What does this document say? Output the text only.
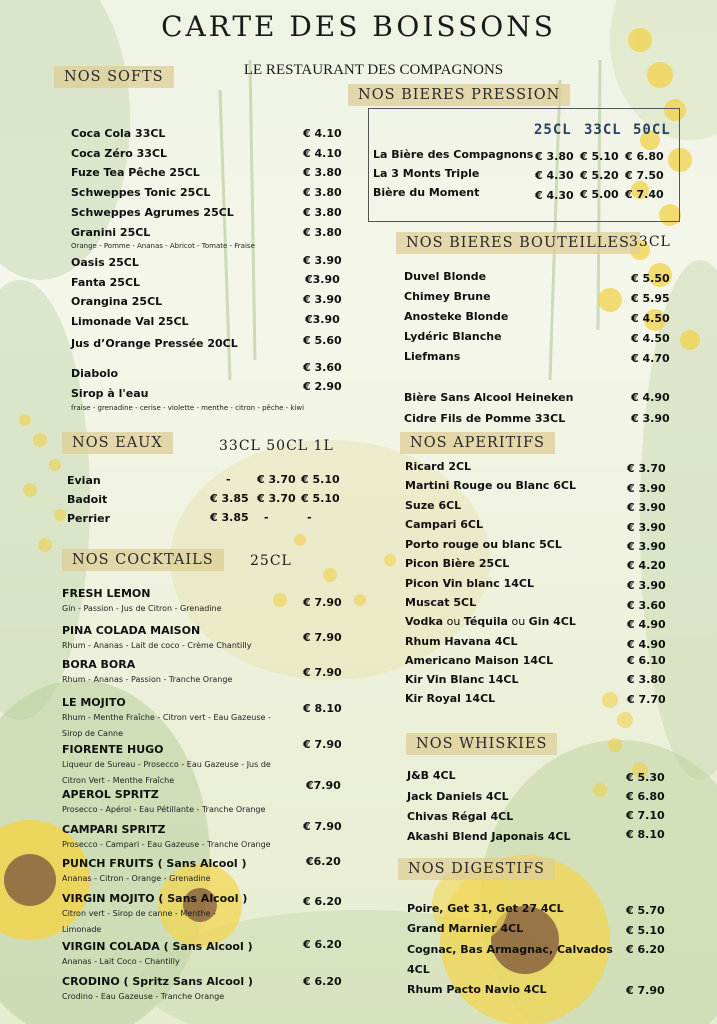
CARTE DES BOISSONS
LE RESTAURANT DES COMPAGNONS
NOS SOFTS
Coca Cola 33CL	€ 4.10
Coca Zéro 33CL	€ 4.10
Fuze Tea Pêche 25CL	€ 3.80
Schweppes Tonic 25CL	€ 3.80
Schweppes Agrumes 25CL	€ 3.80
Granini 25CL	€ 3.80
Orange - Pomme - Ananas - Abricot - Tomate - Fraise
Oasis 25CL	€ 3.90
Fanta 25CL	€3.90
Orangina 25CL	€ 3.90
Limonade Val 25CL	€3.90
Jus d’Orange Pressée 20CL	€ 5.60
Diabolo	€ 3.60
Sirop à l'eau
€ 2.90
fraise - grenadine - cerise - violette - menthe - citron - pêche - kiwi
NOS EAUX	33CL 50CL 1L
Evian	- € 3.70 € 5.10
Badoit	€ 3.85 € 3.70 € 5.10
Perrier	€ 3.85 -	-
NOS COCKTAILS	25CL
FRESH LEMON
Gin - Passion - Jus de Citron - Grenadine	€ 7.90
PINA COLADA MAISON
Rhum - Ananas - Lait de coco - Crème Chantilly
€ 7.90
BORA BORA
Rhum - Ananas - Passion - Tranche Orange
€ 7.90
LE MOJITO
Rhum - Menthe Fraîche - Citron vert - Eau Gazeuse - Sirop de Canne
€ 8.10
FIORENTE HUGO
Liqueur de Sureau - Prosecco - Eau Gazeuse - Jus de Citron Vert - Menthe Fraîche
€ 7.90
APEROL SPRITZ
Prosecco - Apérol - Eau Pétillante - Tranche Orange
€7.90
CAMPARI SPRITZ
Prosecco - Campari - Eau Gazeuse - Tranche Orange
€ 7.90
PUNCH FRUITS ( Sans Alcool )
Ananas - Citron - Orange - Grenadine
€6.20
VIRGIN MOJITO ( Sans Alcool )
Citron vert - Sirop de canne - Menthe - Limonade
€ 6.20
VIRGIN COLADA ( Sans Alcool )
Ananas - Lait Coco - Chantilly
€ 6.20
CRODINO ( Spritz Sans Alcool )
Crodino - Eau Gazeuse - Tranche Orange
€ 6.20
NOS BIERES PRESSION
25CL 33CL 50CL
La Bière des Compagnons € 3.80 € 5.10 € 6.80
La 3 Monts Triple	€ 4.30 € 5.20 € 7.50
Bière du Moment	€ 4.30 € 5.00 € 7.40
NOS BIERES BOUTEILLES 33CL
Duvel Blonde	€ 5.50
Chimey Brune	€ 5.95
Anosteke Blonde	€ 4.50
Lydéric Blanche	€ 4.50
Liefmans	€ 4.70
Bière Sans Alcool Heineken	€ 4.90
Cidre Fils de Pomme 33CL	€ 3.90
NOS APERITIFS
Ricard 2CL	€ 3.70
Martini Rouge ou Blanc 6CL	€ 3.90
Suze 6CL	€ 3.90
Campari 6CL	€ 3.90
Porto rouge ou blanc 5CL	€ 3.90
Picon Bière 25CL	€ 4.20
Picon Vin blanc 14CL	€ 3.90
Muscat 5CL	€ 3.60
Vodka ou Téquila ou Gin 4CL	€ 4.90
Rhum Havana 4CL	€ 4.90
Americano Maison 14CL	€ 6.10
Kir Vin Blanc 14CL	€ 3.80
Kir Royal 14CL	€ 7.70
NOS WHISKIES
J&B 4CL	€ 5.30
Jack Daniels 4CL	€ 6.80
Chivas Régal 4CL	€ 7.10
Akashi Blend Japonais 4CL	€ 8.10
NOS DIGESTIFS
Poire, Get 31, Get 27 4CL	€ 5.70
Grand Marnier 4CL	€ 5.10
Cognac, Bas Armagnac, Calvados
4CL
€ 6.20
Rhum Pacto Navio 4CL	€ 7.90
